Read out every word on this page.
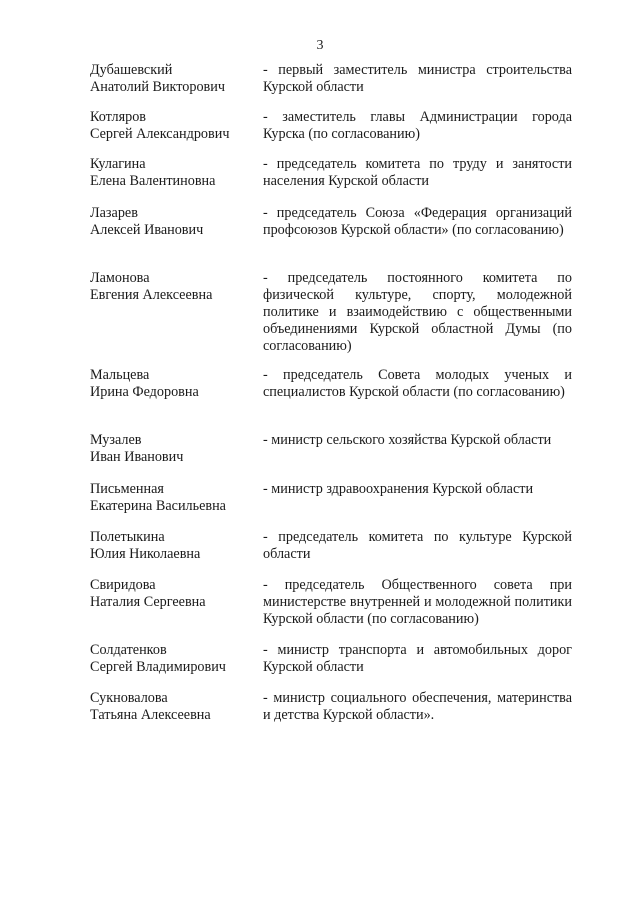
3
Дубашевский
Анатолий Викторович
- первый заместитель министра строительства Курской области
Котляров
Сергей Александрович
- заместитель главы Администрации города Курска (по согласованию)
Кулагина
Елена Валентиновна
- председатель комитета по труду и занятости населения Курской области
Лазарев
Алексей Иванович
- председатель Союза «Федерация организаций профсоюзов Курской области» (по согласованию)
Ламонова
Евгения Алексеевна
- председатель постоянного комитета по физической культуре, спорту, молодежной политике и взаимодействию с общественными объединениями Курской областной Думы (по согласованию)
Мальцева
Ирина Федоровна
- председатель Совета молодых ученых и специалистов Курской области (по согласованию)
Музалев
Иван Иванович
- министр сельского хозяйства Курской области
Письменная
Екатерина Васильевна
- министр здравоохранения Курской области
Полетыкина
Юлия Николаевна
- председатель комитета по культуре Курской области
Свиридова
Наталия Сергеевна
- председатель Общественного совета при министерстве внутренней и молодежной политики Курской области (по согласованию)
Солдатенков
Сергей Владимирович
- министр транспорта и автомобильных дорог Курской области
Сукновалова
Татьяна Алексеевна
- министр социального обеспечения, материнства и детства Курской области».
